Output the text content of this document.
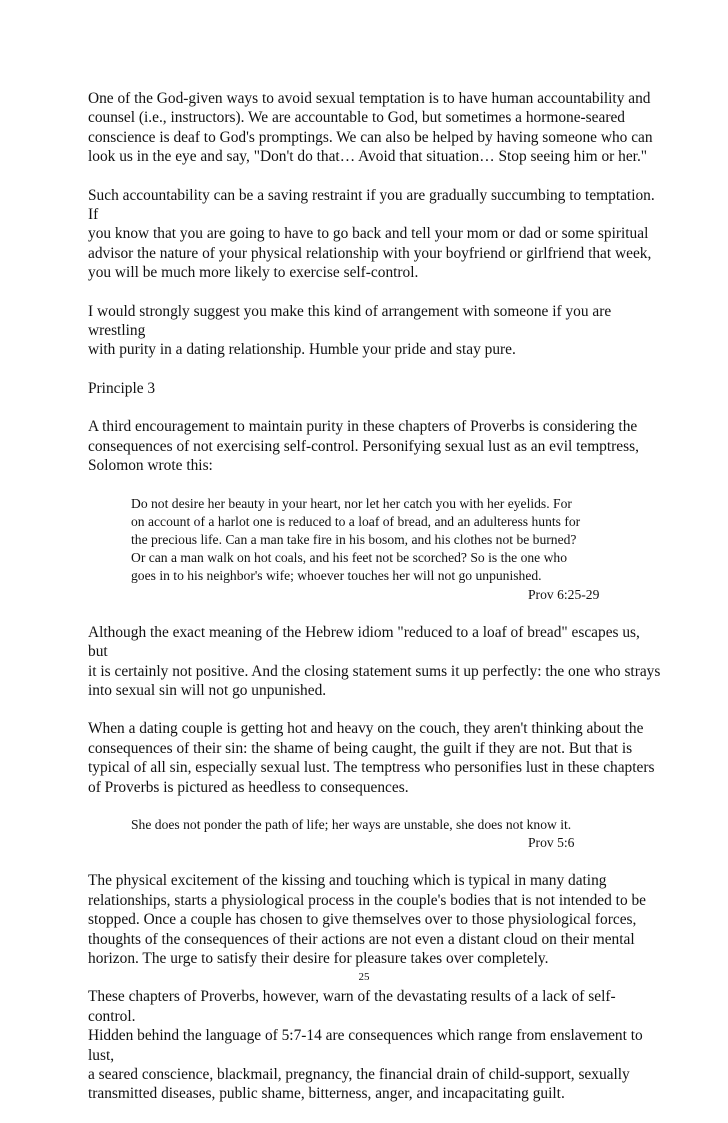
One of the God-given ways to avoid sexual temptation is to have human accountability and
counsel (i.e., instructors). We are accountable to God, but sometimes a hormone-seared
conscience is deaf to God's promptings. We can also be helped by having someone who can
look us in the eye and say, "Don't do that… Avoid that situation… Stop seeing him or her."

Such accountability can be a saving restraint if you are gradually succumbing to temptation. If
you know that you are going to have to go back and tell your mom or dad or some spiritual
advisor the nature of your physical relationship with your boyfriend or girlfriend that week,
you will be much more likely to exercise self-control.

I would strongly suggest you make this kind of arrangement with someone if you are wrestling
with purity in a dating relationship. Humble your pride and stay pure.

Principle 3

A third encouragement to maintain purity in these chapters of Proverbs is considering the
consequences of not exercising self-control. Personifying sexual lust as an evil temptress,
Solomon wrote this:

Do not desire her beauty in your heart, nor let her catch you with her eyelids. For
on account of a harlot one is reduced to a loaf of bread, and an adulteress hunts for
the precious life. Can a man take fire in his bosom, and his clothes not be burned?
Or can a man walk on hot coals, and his feet not be scorched? So is the one who
goes in to his neighbor's wife; whoever touches her will not go unpunished.

Prov 6:25-29

Although the exact meaning of the Hebrew idiom "reduced to a loaf of bread" escapes us, but
it is certainly not positive. And the closing statement sums it up perfectly: the one who strays
into sexual sin will not go unpunished.

When a dating couple is getting hot and heavy on the couch, they aren't thinking about the
consequences of their sin: the shame of being caught, the guilt if they are not. But that is
typical of all sin, especially sexual lust. The temptress who personifies lust in these chapters
of Proverbs is pictured as heedless to consequences.

She does not ponder the path of life; her ways are unstable, she does not know it.

Prov 5:6

The physical excitement of the kissing and touching which is typical in many dating
relationships, starts a physiological process in the couple's bodies that is not intended to be
stopped. Once a couple has chosen to give themselves over to those physiological forces,
thoughts of the consequences of their actions are not even a distant cloud on their mental
horizon. The urge to satisfy their desire for pleasure takes over completely.

These chapters of Proverbs, however, warn of the devastating results of a lack of self-control.
Hidden behind the language of 5:7-14 are consequences which range from enslavement to lust,
a seared conscience, blackmail, pregnancy, the financial drain of child-support, sexually
transmitted diseases, public shame, bitterness, anger, and incapacitating guilt.

25
